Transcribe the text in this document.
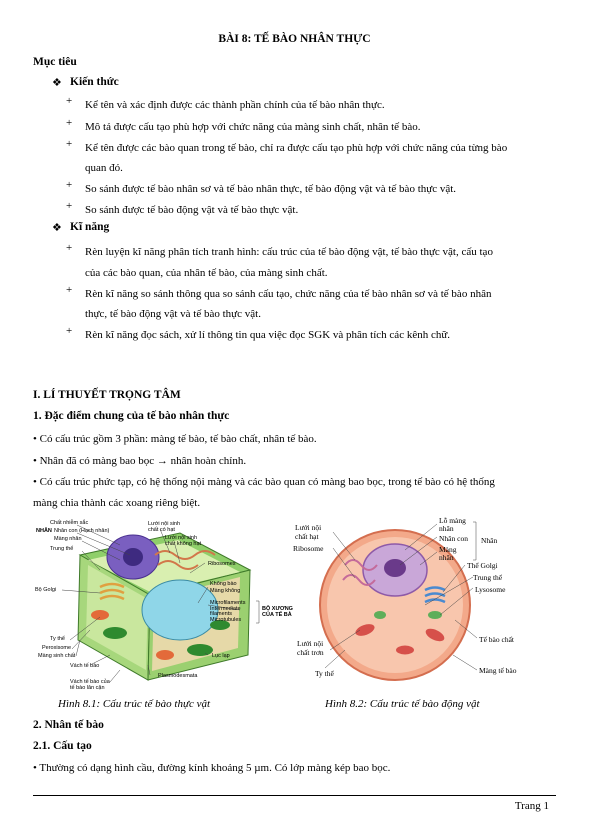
BÀI 8: TẾ BÀO NHÂN THỰC
Mục tiêu
❖ Kiến thức
+ Kể tên và xác định được các thành phần chính của tế bào nhân thực.
+ Mô tả được cấu tạo phù hợp với chức năng của màng sinh chất, nhân tế bào.
+ Kể tên được các bào quan trong tế bào, chỉ ra được cấu tạo phù hợp với chức năng của từng bào
quan đó.
+ So sánh được tế bào nhân sơ và tế bào nhân thực, tế bào động vật và tế bào thực vật.
+ So sánh được tế bào động vật và tế bào thực vật.
❖ Kĩ năng
+ Rèn luyện kĩ năng phân tích tranh hình: cấu trúc của tế bào động vật, tế bào thực vật, cấu tạo
của các bào quan, của nhân tế bào, của màng sinh chất.
+ Rèn kĩ năng so sánh thông qua so sánh cấu tạo, chức năng của tế bào nhân sơ và tế bào nhân
thực, tế bào động vật và tế bào thực vật.
+ Rèn kĩ năng đọc sách, xử lí thông tin qua việc đọc SGK và phân tích các kênh chữ.
I. LÍ THUYẾT TRỌNG TÂM
1. Đặc điểm chung của tế bào nhân thực
• Có cấu trúc gồm 3 phần: màng tế bào, tế bào chất, nhân tế bào.
• Nhân đã có màng bao bọc → nhân hoàn chỉnh.
• Có cấu trúc phức tạp, có hệ thống nội màng và các bào quan có màng bao bọc, trong tế bào có hệ thống
màng chia thành các xoang riêng biệt.
Chất nhiễm sắc
NHÂN Nhân con (Hạch nhân)
Màng nhân
Trung thể
Lưới nội sinh
chất có hạt
Lưới nội sinh
chất không hạt
Ribosomes
Bộ Golgi
Không bào
Màng không
Microfilaments
Intermediate
filaments
Microtubules
BỘ XƯƠNG
CỦA TẾ BÀ
Ty thể
Peroxisome
Màng sinh chất	Lục lạp
Vách tế bào
Plasmodesmata
Vách tế bào của
tế bào lân cận
Lưới nội
chất hạt
Ribosome
Lỗ màng
nhân
Nhân con
Màng
nhân
Nhân
Thể Golgi
Trung thể
Lysosome
Tế bào chất
Lưới nội
chất trơn
Ty thể	Màng tế bào
Hình 8.1: Cấu trúc tế bào thực vật	Hình 8.2: Cấu trúc tế bào động vật
2. Nhân tế bào
2.1. Cấu tạo
• Thường có dạng hình cầu, đường kính khoảng 5 µm. Có lớp màng kép bao bọc.
Trang 1
